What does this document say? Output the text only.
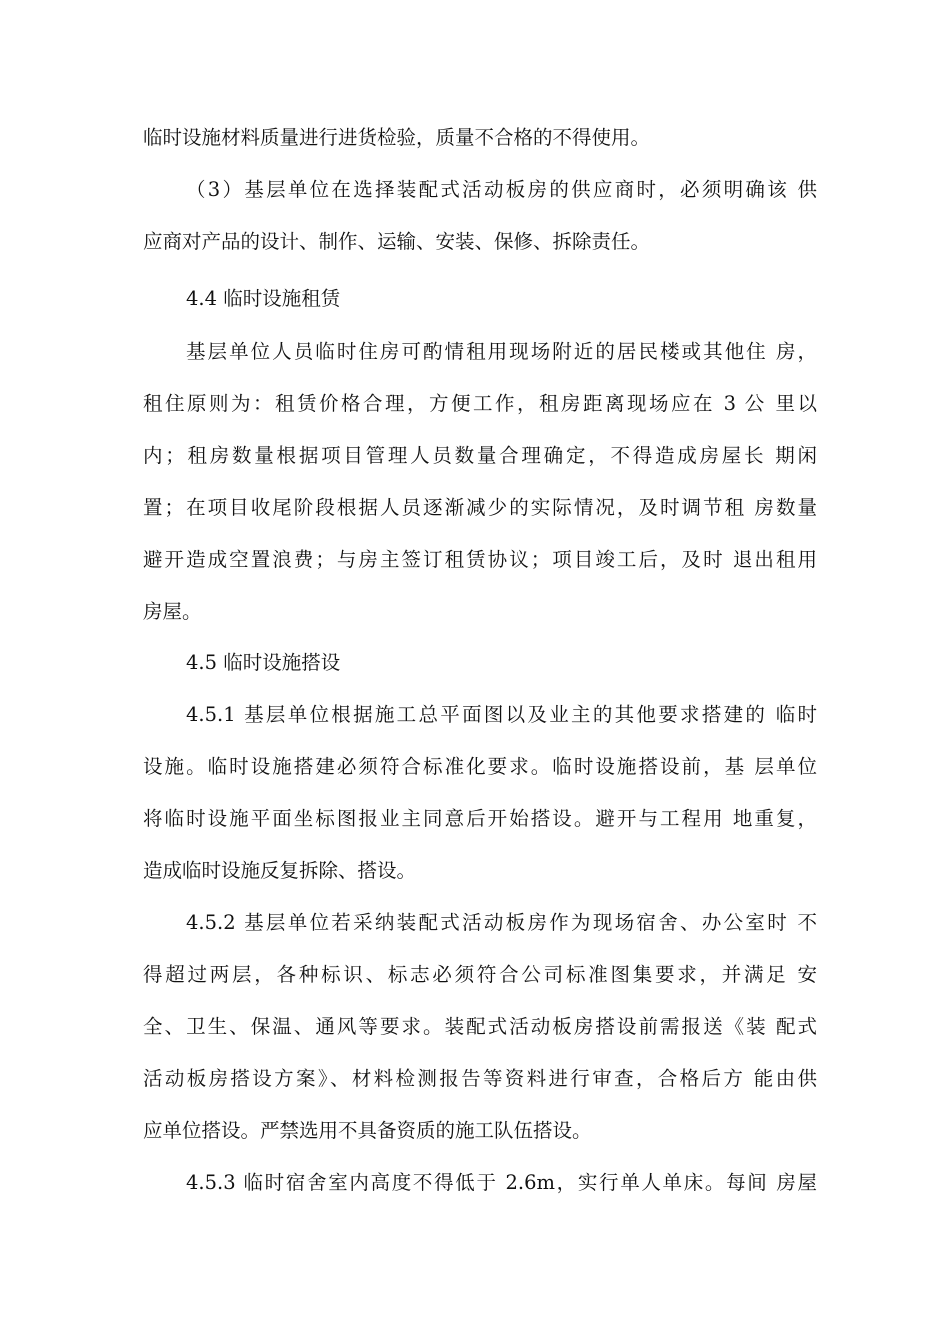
临时设施材料质量进行进货检验，质量不合格的不得使用。
（3）基层单位在选择装配式活动板房的供应商时，必须明确该 供
应商对产品的设计、制作、运输、安装、保修、拆除责任。
4.4 临时设施租赁
基层单位人员临时住房可酌情租用现场附近的居民楼或其他住 房，
租住原则为：租赁价格合理，方便工作，租房距离现场应在 3 公 里以
内；租房数量根据项目管理人员数量合理确定，不得造成房屋长 期闲
置；在项目收尾阶段根据人员逐渐减少的实际情况，及时调节租 房数量
避开造成空置浪费；与房主签订租赁协议；项目竣工后，及时 退出租用
房屋。
4.5 临时设施搭设
4.5.1 基层单位根据施工总平面图以及业主的其他要求搭建的 临时
设施。临时设施搭建必须符合标准化要求。临时设施搭设前，基 层单位
将临时设施平面坐标图报业主同意后开始搭设。避开与工程用 地重复，
造成临时设施反复拆除、搭设。
4.5.2 基层单位若采纳装配式活动板房作为现场宿舍、办公室时 不
得超过两层，各种标识、标志必须符合公司标准图集要求，并满足 安
全、卫生、保温、通风等要求。装配式活动板房搭设前需报送《装 配式
活动板房搭设方案》、材料检测报告等资料进行审查，合格后方 能由供
应单位搭设。严禁选用不具备资质的施工队伍搭设。
4.5.3 临时宿舍室内高度不得低于 2.6m，实行单人单床。每间 房屋
